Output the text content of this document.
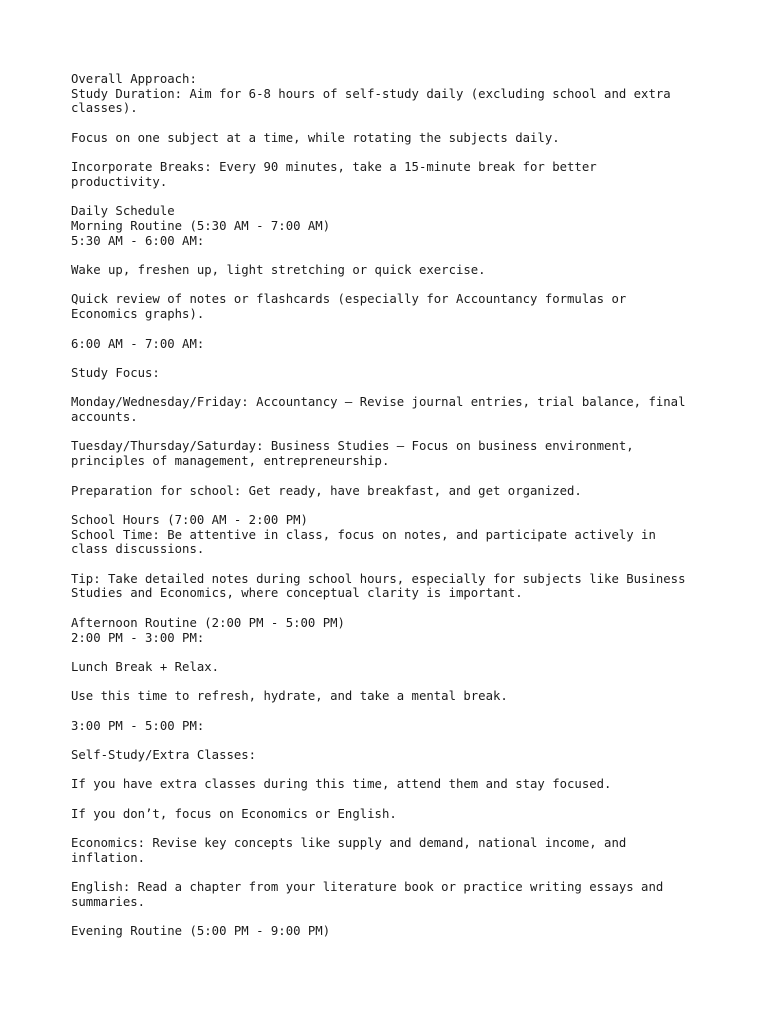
Overall Approach:
Study Duration: Aim for 6-8 hours of self-study daily (excluding school and extra
classes).
Focus on one subject at a time, while rotating the subjects daily.
Incorporate Breaks: Every 90 minutes, take a 15-minute break for better
productivity.
Daily Schedule
Morning Routine (5:30 AM - 7:00 AM)
5:30 AM - 6:00 AM:
Wake up, freshen up, light stretching or quick exercise.
Quick review of notes or flashcards (especially for Accountancy formulas or
Economics graphs).
6:00 AM - 7:00 AM:
Study Focus:
Monday/Wednesday/Friday: Accountancy — Revise journal entries, trial balance, final
accounts.
Tuesday/Thursday/Saturday: Business Studies — Focus on business environment,
principles of management, entrepreneurship.
Preparation for school: Get ready, have breakfast, and get organized.
School Hours (7:00 AM - 2:00 PM)
School Time: Be attentive in class, focus on notes, and participate actively in
class discussions.
Tip: Take detailed notes during school hours, especially for subjects like Business
Studies and Economics, where conceptual clarity is important.
Afternoon Routine (2:00 PM - 5:00 PM)
2:00 PM - 3:00 PM:
Lunch Break + Relax.
Use this time to refresh, hydrate, and take a mental break.
3:00 PM - 5:00 PM:
Self-Study/Extra Classes:
If you have extra classes during this time, attend them and stay focused.
If you don’t, focus on Economics or English.
Economics: Revise key concepts like supply and demand, national income, and
inflation.
English: Read a chapter from your literature book or practice writing essays and
summaries.
Evening Routine (5:00 PM - 9:00 PM)
